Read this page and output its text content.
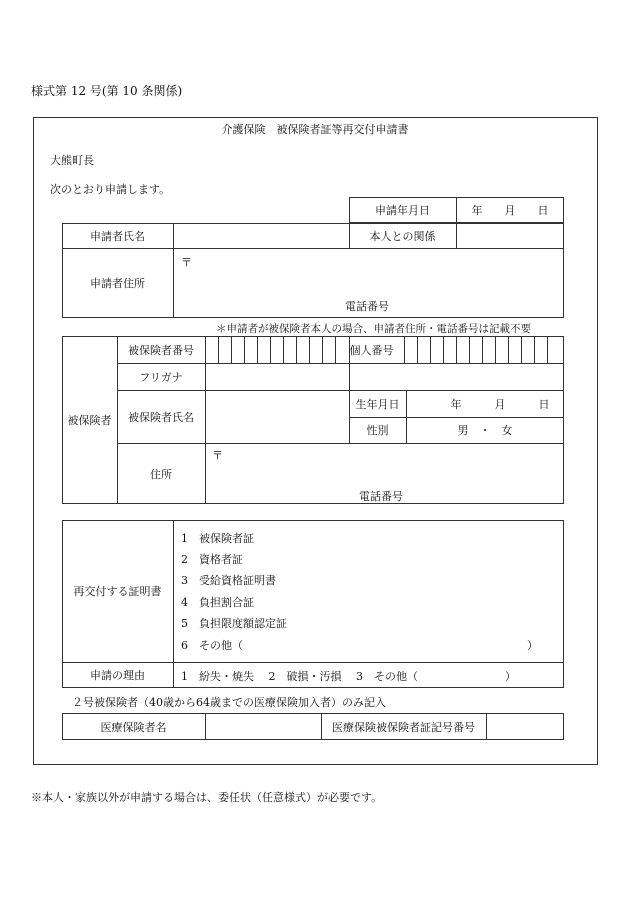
様式第 12 号(第 10 条関係)
介護保険　被保険者証等再交付申請書
大熊町長
次のとおり申請します。
申請年月日	年　　月　　日
申請者氏名	本人との関係
申請者住所
〒
電話番号
＊申請者が被保険者本人の場合、申請者住所・電話番号は記載不要
被保険者
被保険者番号	個人番号
フリガナ
被保険者氏名
生年月日	年　　　月　　　日
性別	男　・　女
住所
〒
電話番号
再交付する証明書
1　被保険者証
2　資格者証
3　受給資格証明書
4　負担割合証
5　負担限度額認定証
6　その他（	）
申請の理由	1　紛失・焼失　 2　破損・汚損　 3　その他（	）
２号被保険者（40歳から64歳までの医療保険加入者）のみ記入
医療保険者名	医療保険被保険者証記号番号
※本人・家族以外が申請する場合は、委任状（任意様式）が必要です。
